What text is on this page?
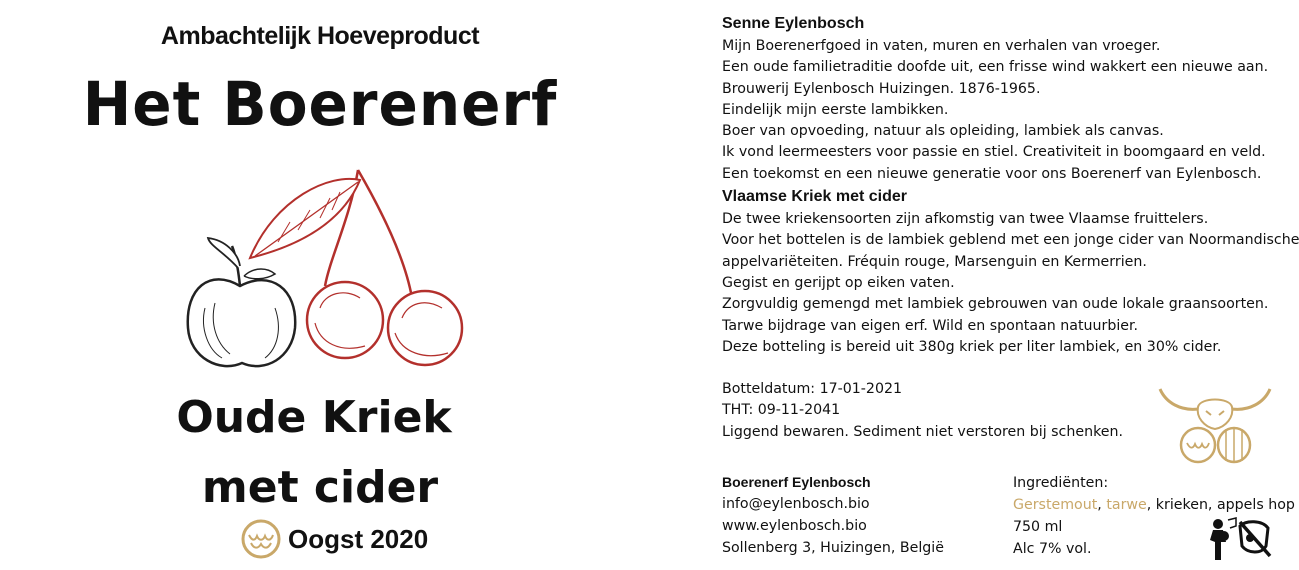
Ambachtelijk Hoeveproduct
Het Boerenerf
Oude Kriek
met cider
Oogst 2020
Senne Eylenbosch
Mijn Boerenerfgoed in vaten, muren en verhalen van vroeger.
Een oude familietraditie doofde uit, een frisse wind wakkert een nieuwe aan.
Brouwerij Eylenbosch Huizingen. 1876-1965.
Eindelijk mijn eerste lambikken.
Boer van opvoeding, natuur als opleiding, lambiek als canvas.
Ik vond leermeesters voor passie en stiel. Creativiteit in boomgaard en veld.
Een toekomst en een nieuwe generatie voor ons Boerenerf van Eylenbosch.
Vlaamse Kriek met cider
De twee kriekensoorten zijn afkomstig van twee Vlaamse fruittelers.
Voor het bottelen is de lambiek geblend met een jonge cider van Noormandische
appelvariëteiten. Fréquin rouge, Marsenguin en Kermerrien.
Gegist en gerijpt op eiken vaten.
Zorgvuldig gemengd met lambiek gebrouwen van oude lokale graansoorten.
Tarwe bijdrage van eigen erf. Wild en spontaan natuurbier.
Deze botteling is bereid uit 380g kriek per liter lambiek, en 30% cider.
Botteldatum: 17-01-2021
THT: 09-11-2041
Liggend bewaren. Sediment niet verstoren bij schenken.
Boerenerf Eylenbosch
info@eylenbosch.bio
www.eylenbosch.bio
Sollenberg 3, Huizingen, België
Ingrediënten:
Gerstemout, tarwe, krieken, appels hop
750 ml
Alc 7% vol.
